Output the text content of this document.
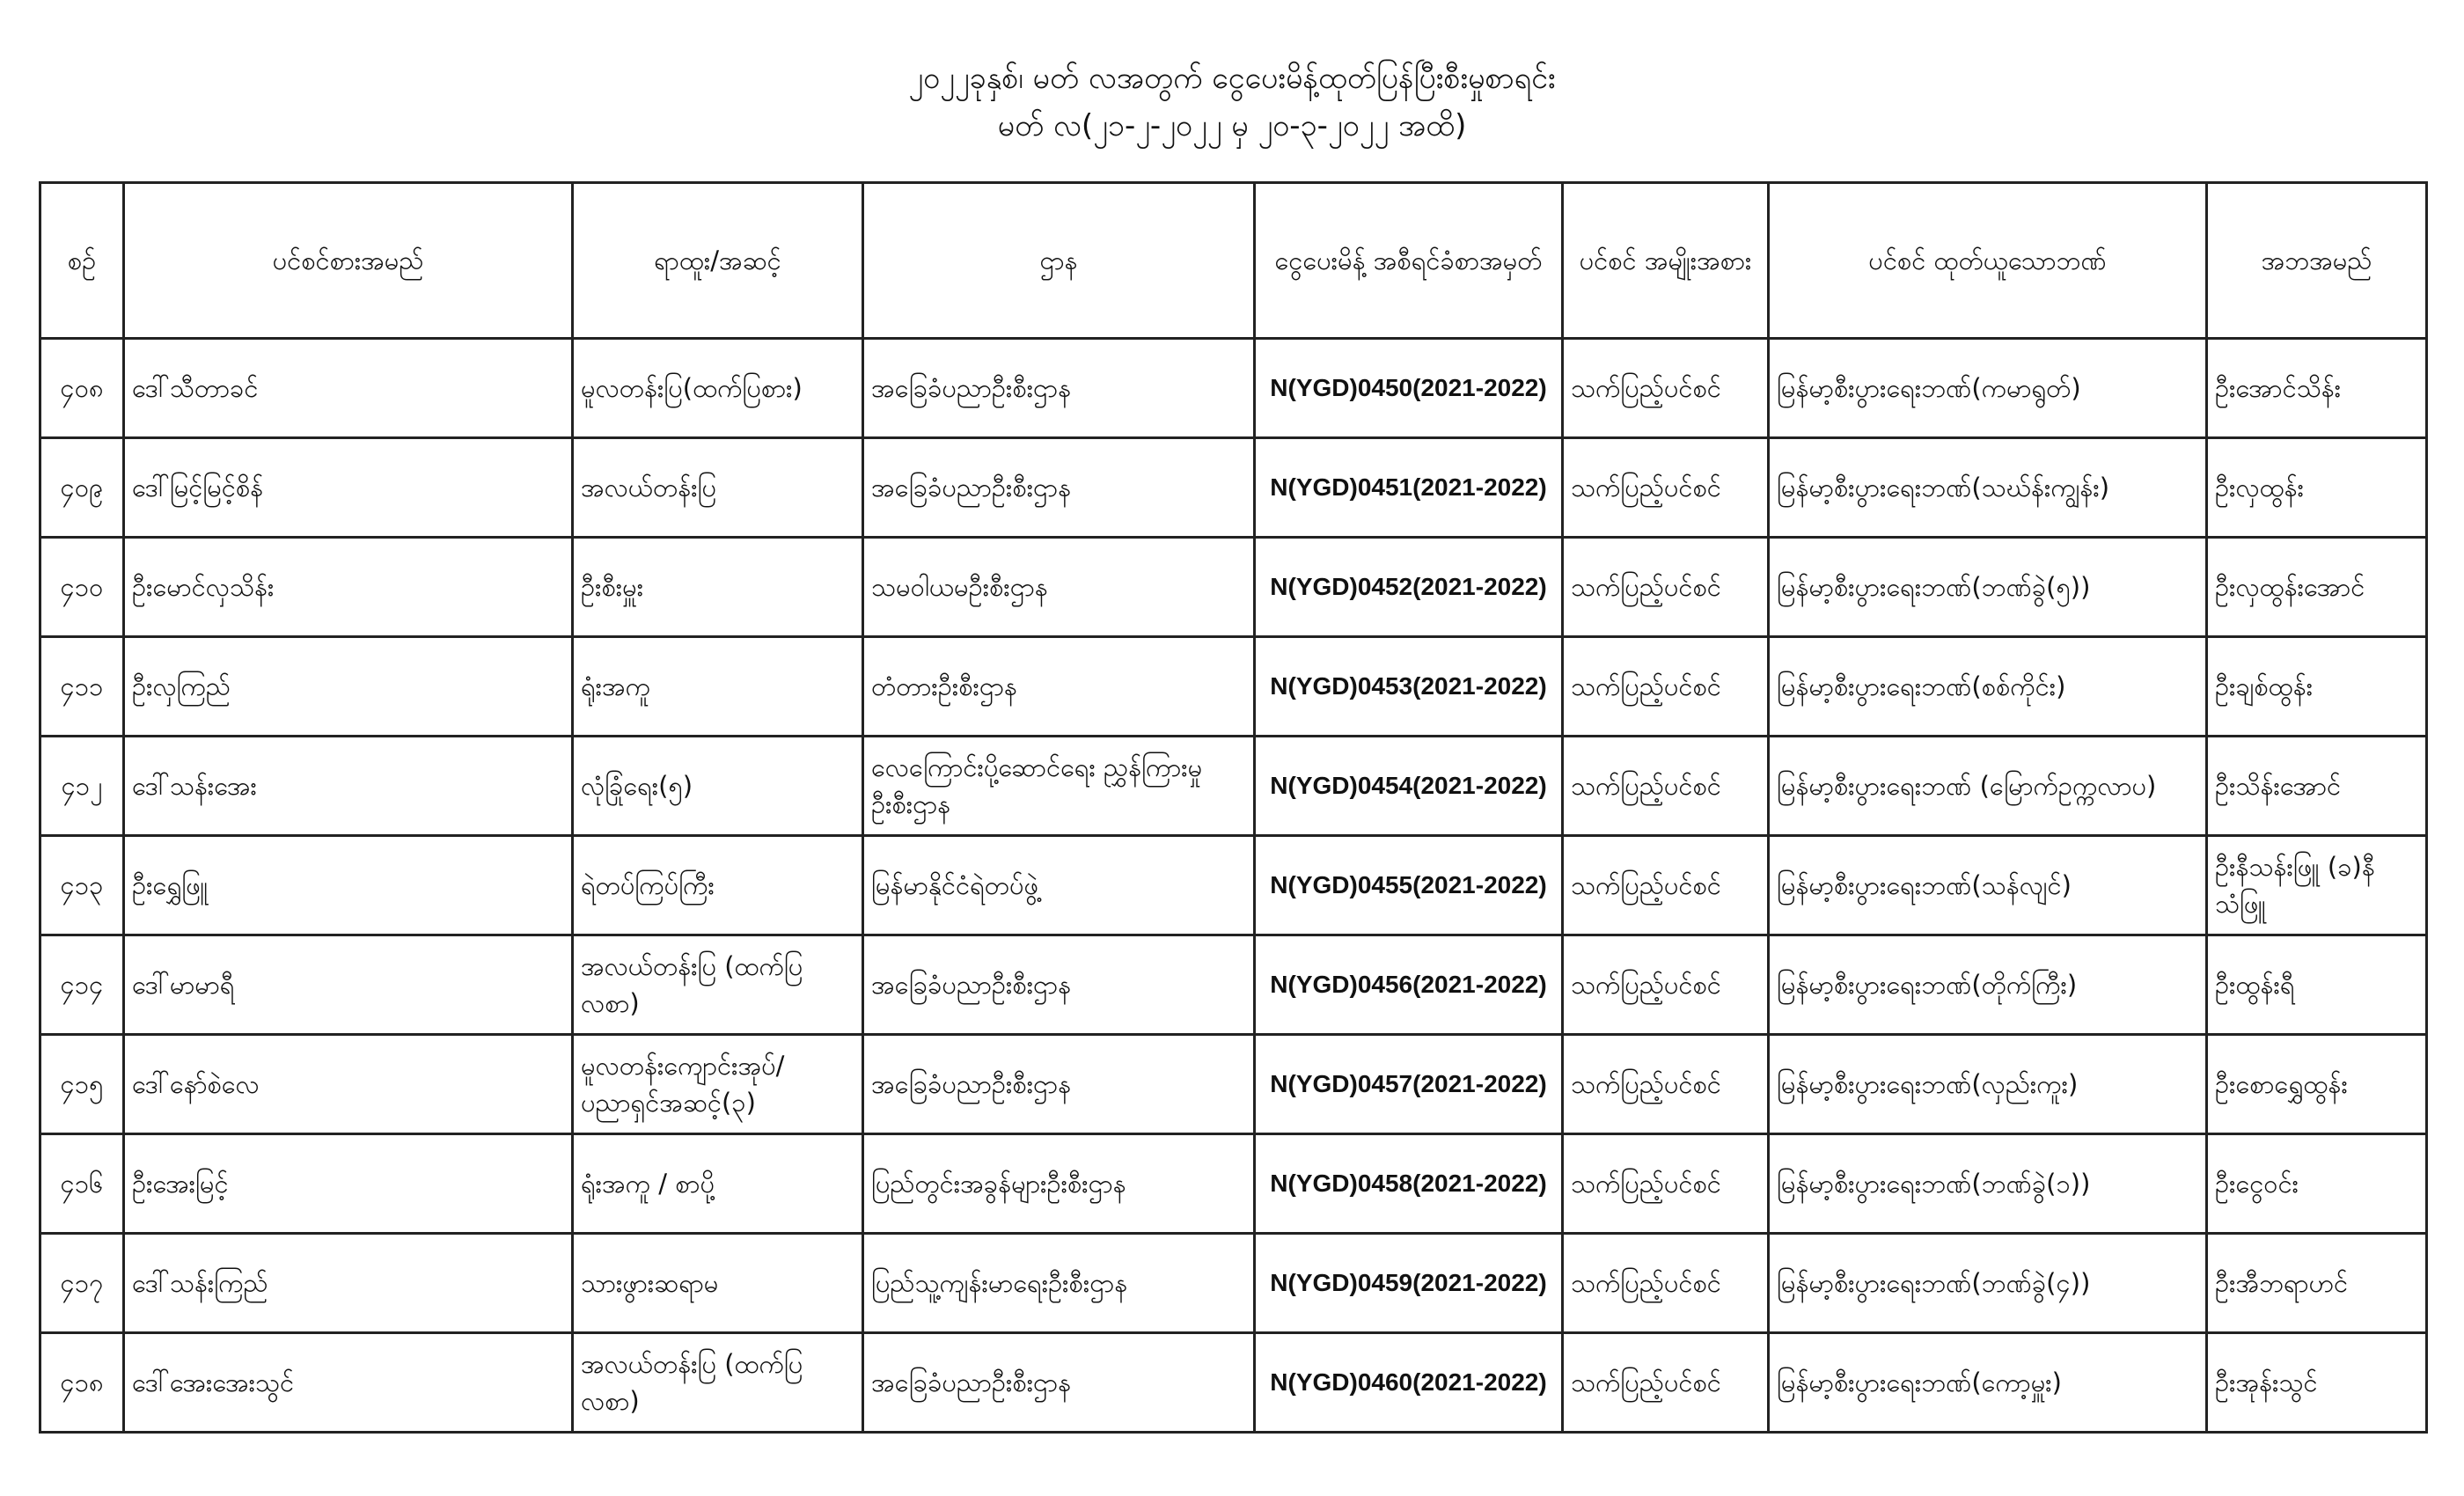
၂၀၂၂ခုနှစ်၊ မတ် လအတွက် ငွေပေးမိန့်ထုတ်ပြန်ပြီးစီးမှုစာရင်း
မတ် လ(၂၁-၂-၂၀၂၂ မှ ၂၀-၃-၂၀၂၂ အထိ)
စဉ်	ပင်စင်စားအမည်	ရာထူး/အဆင့်	ဌာန	ငွေပေးမိန့် အစီရင်ခံစာအမှတ်	ပင်စင် အမျိုးအစား	ပင်စင် ထုတ်ယူသောဘဏ်	အဘအမည်
၄၀၈	ဒေါ်သီတာခင်	မူလတန်းပြ(ထက်ပြစား)	အခြေခံပညာဦးစီးဌာန	N(YGD)0450(2021-2022)	သက်ပြည့်ပင်စင်	မြန်မာ့စီးပွားရေးဘဏ်(ကမာရွတ်)	ဦးအောင်သိန်း
၄၀၉	ဒေါ်မြင့်မြင့်စိန်	အလယ်တန်းပြ	အခြေခံပညာဦးစီးဌာန	N(YGD)0451(2021-2022)	သက်ပြည့်ပင်စင်	မြန်မာ့စီးပွားရေးဘဏ်(သဃ်န်းကျွန်း)	ဦးလှထွန်း
၄၁၀	ဦးမောင်လှသိန်း	ဦးစီးမှူး	သမဝါယမဦးစီးဌာန	N(YGD)0452(2021-2022)	သက်ပြည့်ပင်စင်	မြန်မာ့စီးပွားရေးဘဏ်(ဘဏ်ခွဲ(၅))	ဦးလှထွန်းအောင်
၄၁၁	ဦးလှကြည်	ရုံးအကူ	တံတားဦးစီးဌာန	N(YGD)0453(2021-2022)	သက်ပြည့်ပင်စင်	မြန်မာ့စီးပွားရေးဘဏ်(စစ်ကိုင်း)	ဦးချစ်ထွန်း
၄၁၂	ဒေါ်သန်းအေး	လုံခြုံရေး(၅)	လေကြောင်းပို့ဆောင်ရေး ညွှန်ကြားမှုဦးစီးဌာန	N(YGD)0454(2021-2022)	သက်ပြည့်ပင်စင်	မြန်မာ့စီးပွားရေးဘဏ် (မြောက်ဥက္ကလာပ)	ဦးသိန်းအောင်
၄၁၃	ဦးရွှေဖြူ	ရဲတပ်ကြပ်ကြီး	မြန်မာနိုင်ငံရဲတပ်ဖွဲ့	N(YGD)0455(2021-2022)	သက်ပြည့်ပင်စင်	မြန်မာ့စီးပွားရေးဘဏ်(သန်လျင်)	ဦးနီသန်းဖြူ (ခ)နီသံဖြူ
၄၁၄	ဒေါ်မာမာရီ	အလယ်တန်းပြ (ထက်ပြလစာ)	အခြေခံပညာဦးစီးဌာန	N(YGD)0456(2021-2022)	သက်ပြည့်ပင်စင်	မြန်မာ့စီးပွားရေးဘဏ်(တိုက်ကြီး)	ဦးထွန်းရီ
၄၁၅	ဒေါ်နော်စဲလေ	မူလတန်းကျောင်းအုပ်/ ပညာရှင်အဆင့်(၃)	အခြေခံပညာဦးစီးဌာန	N(YGD)0457(2021-2022)	သက်ပြည့်ပင်စင်	မြန်မာ့စီးပွားရေးဘဏ်(လှည်းကူး)	ဦးစောရွှေထွန်း
၄၁၆	ဦးအေးမြင့်	ရုံးအကူ / စာပို့	ပြည်တွင်းအခွန်များဦးစီးဌာန	N(YGD)0458(2021-2022)	သက်ပြည့်ပင်စင်	မြန်မာ့စီးပွားရေးဘဏ်(ဘဏ်ခွဲ(၁))	ဦးငွေဝင်း
၄၁၇	ဒေါ်သန်းကြည်	သားဖွားဆရာမ	ပြည်သူ့ကျန်းမာရေးဦးစီးဌာန	N(YGD)0459(2021-2022)	သက်ပြည့်ပင်စင်	မြန်မာ့စီးပွားရေးဘဏ်(ဘဏ်ခွဲ(၄))	ဦးအီဘရာဟင်
၄၁၈	ဒေါ်အေးအေးသွင်	အလယ်တန်းပြ (ထက်ပြလစာ)	အခြေခံပညာဦးစီးဌာန	N(YGD)0460(2021-2022)	သက်ပြည့်ပင်စင်	မြန်မာ့စီးပွားရေးဘဏ်(ကော့မှူး)	ဦးအုန်းသွင်
